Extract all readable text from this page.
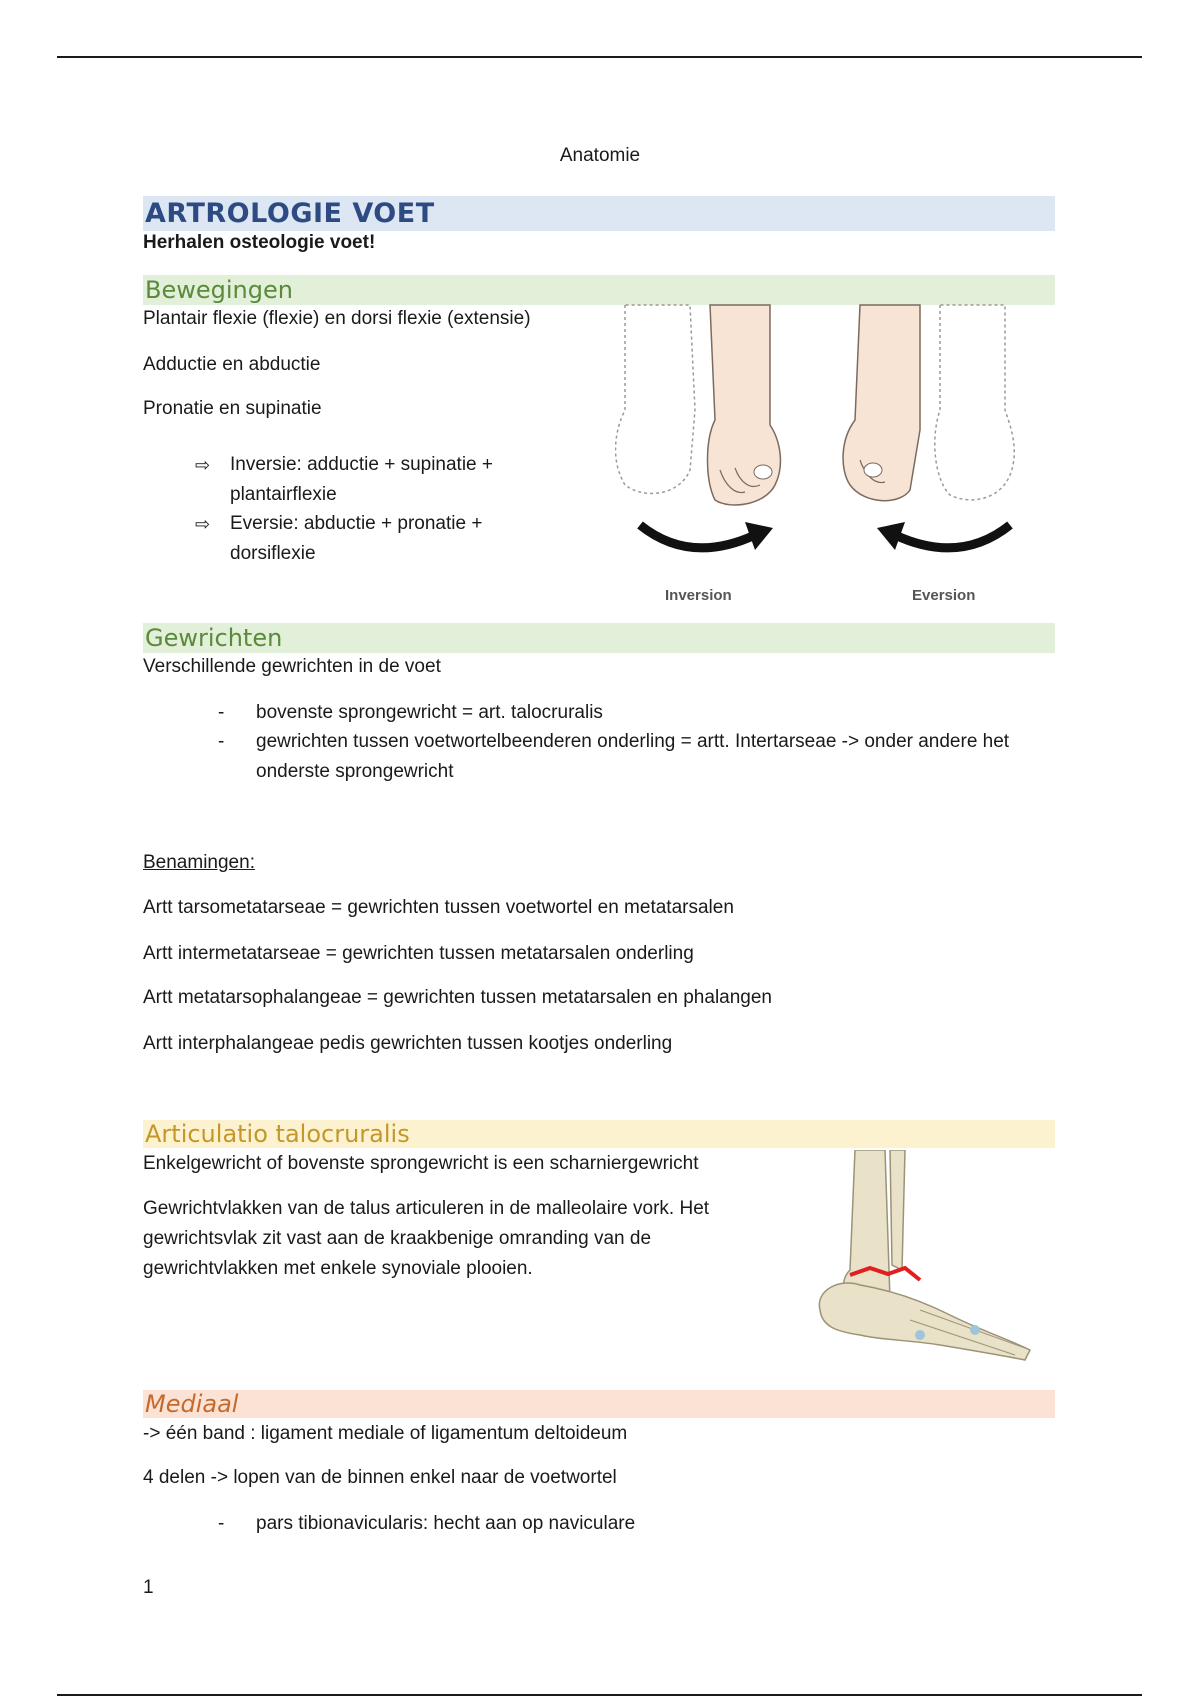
Anatomie
ARTROLOGIE VOET
Herhalen osteologie voet!
Bewegingen
Plantair flexie (flexie) en dorsi flexie (extensie)
Adductie en abductie
Pronatie en supinatie
⇨	Inversie: adductie + supinatie + plantairflexie
⇨	Eversie: abductie + pronatie + dorsiflexie
Inversion	Eversion
Gewrichten
Verschillende gewrichten in de voet
-	bovenste sprongewricht = art. talocruralis
-	gewrichten tussen voetwortelbeenderen onderling = artt. Intertarseae -> onder andere het onderste sprongewricht
Benamingen:
Artt tarsometatarseae = gewrichten tussen voetwortel en metatarsalen
Artt intermetatarseae = gewrichten tussen metatarsalen onderling
Artt metatarsophalangeae = gewrichten tussen metatarsalen en phalangen
Artt interphalangeae pedis gewrichten tussen kootjes onderling
Articulatio talocruralis
Enkelgewricht of bovenste sprongewricht is een scharniergewricht
Gewrichtvlakken van de talus articuleren in de malleolaire vork. Het gewrichtsvlak zit vast aan de kraakbenige omranding van de gewrichtvlakken met enkele synoviale plooien.
Mediaal
-> één band : ligament mediale of ligamentum deltoideum
4 delen -> lopen van de binnen enkel naar de voetwortel
-	pars tibionavicularis: hecht aan op naviculare
1
